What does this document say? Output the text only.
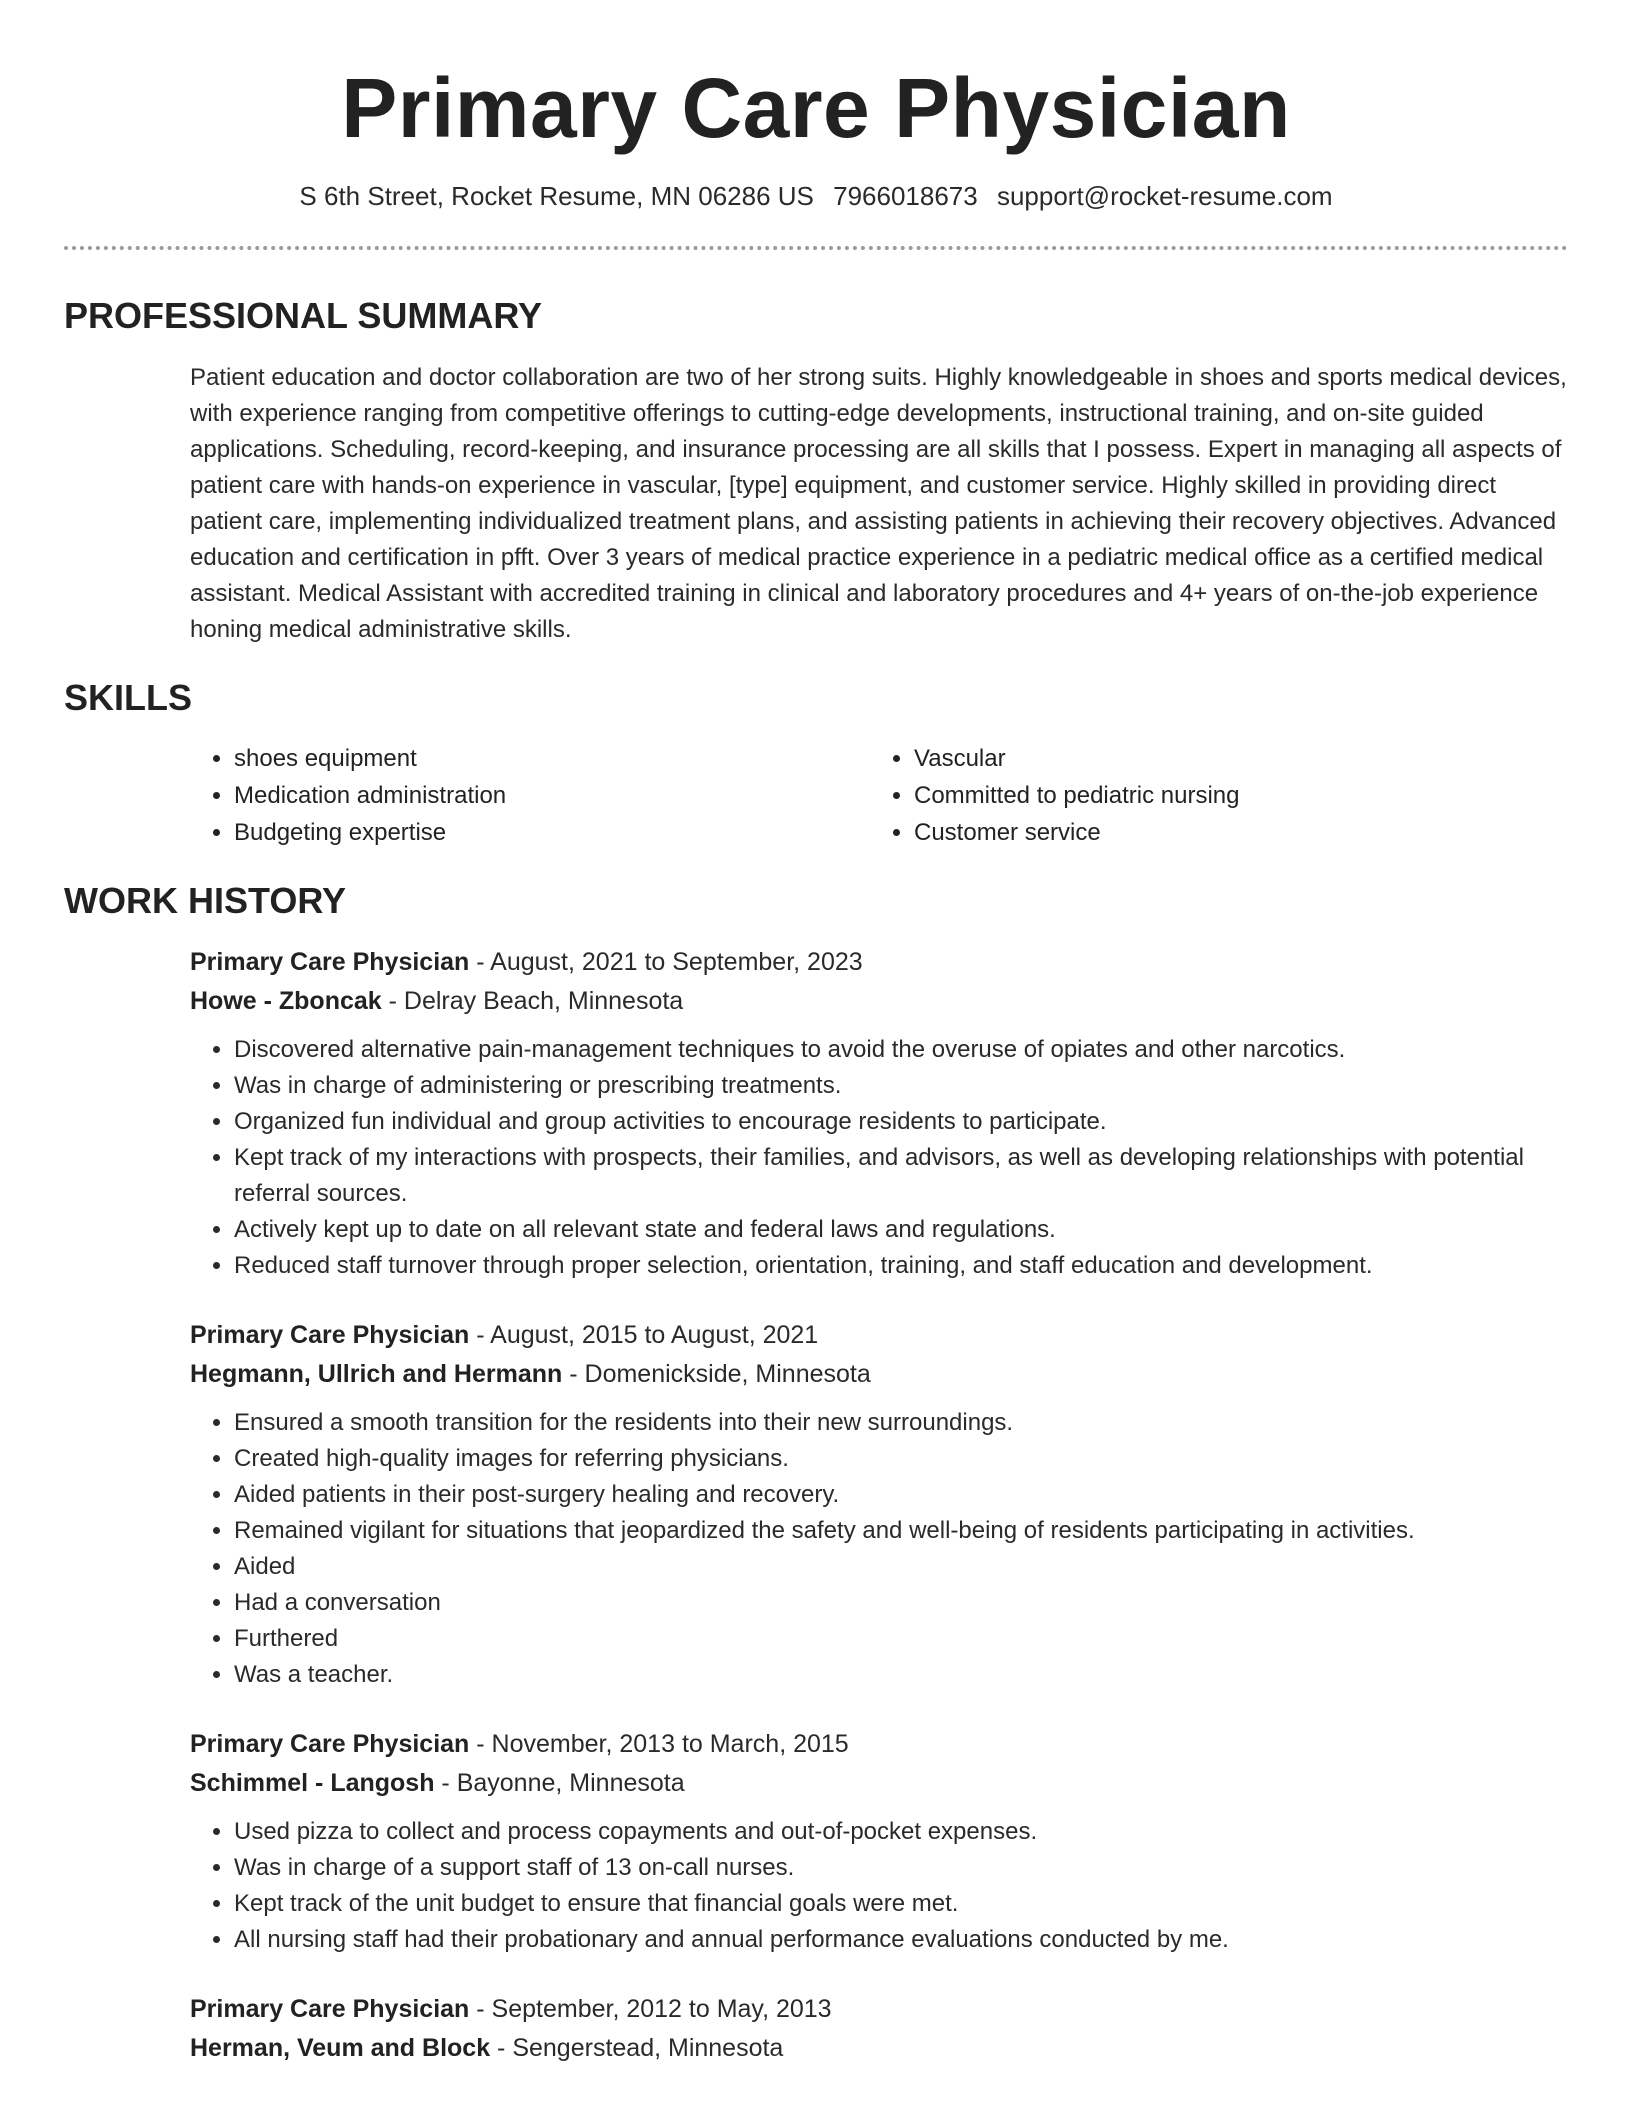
Primary Care Physician
S 6th Street, Rocket Resume, MN 06286 US 7966018673 support@rocket-resume.com
PROFESSIONAL SUMMARY
Patient education and doctor collaboration are two of her strong suits. Highly knowledgeable in shoes and sports medical devices, with experience ranging from competitive offerings to cutting-edge developments, instructional training, and on-site guided applications. Scheduling, record-keeping, and insurance processing are all skills that I possess. Expert in managing all aspects of patient care with hands-on experience in vascular, [type] equipment, and customer service. Highly skilled in providing direct patient care, implementing individualized treatment plans, and assisting patients in achieving their recovery objectives. Advanced education and certification in pfft. Over 3 years of medical practice experience in a pediatric medical office as a certified medical assistant. Medical Assistant with accredited training in clinical and laboratory procedures and 4+ years of on-the-job experience honing medical administrative skills.
SKILLS
• shoes equipment
• Medication administration
• Budgeting expertise
• Vascular
• Committed to pediatric nursing
• Customer service
WORK HISTORY
Primary Care Physician - August, 2021 to September, 2023
Howe - Zboncak - Delray Beach, Minnesota
• Discovered alternative pain-management techniques to avoid the overuse of opiates and other narcotics.
• Was in charge of administering or prescribing treatments.
• Organized fun individual and group activities to encourage residents to participate.
• Kept track of my interactions with prospects, their families, and advisors, as well as developing relationships with potential referral sources.
• Actively kept up to date on all relevant state and federal laws and regulations.
• Reduced staff turnover through proper selection, orientation, training, and staff education and development.
Primary Care Physician - August, 2015 to August, 2021
Hegmann, Ullrich and Hermann - Domenickside, Minnesota
• Ensured a smooth transition for the residents into their new surroundings.
• Created high-quality images for referring physicians.
• Aided patients in their post-surgery healing and recovery.
• Remained vigilant for situations that jeopardized the safety and well-being of residents participating in activities.
• Aided
• Had a conversation
• Furthered
• Was a teacher.
Primary Care Physician - November, 2013 to March, 2015
Schimmel - Langosh - Bayonne, Minnesota
• Used pizza to collect and process copayments and out-of-pocket expenses.
• Was in charge of a support staff of 13 on-call nurses.
• Kept track of the unit budget to ensure that financial goals were met.
• All nursing staff had their probationary and annual performance evaluations conducted by me.
Primary Care Physician - September, 2012 to May, 2013
Herman, Veum and Block - Sengerstead, Minnesota
